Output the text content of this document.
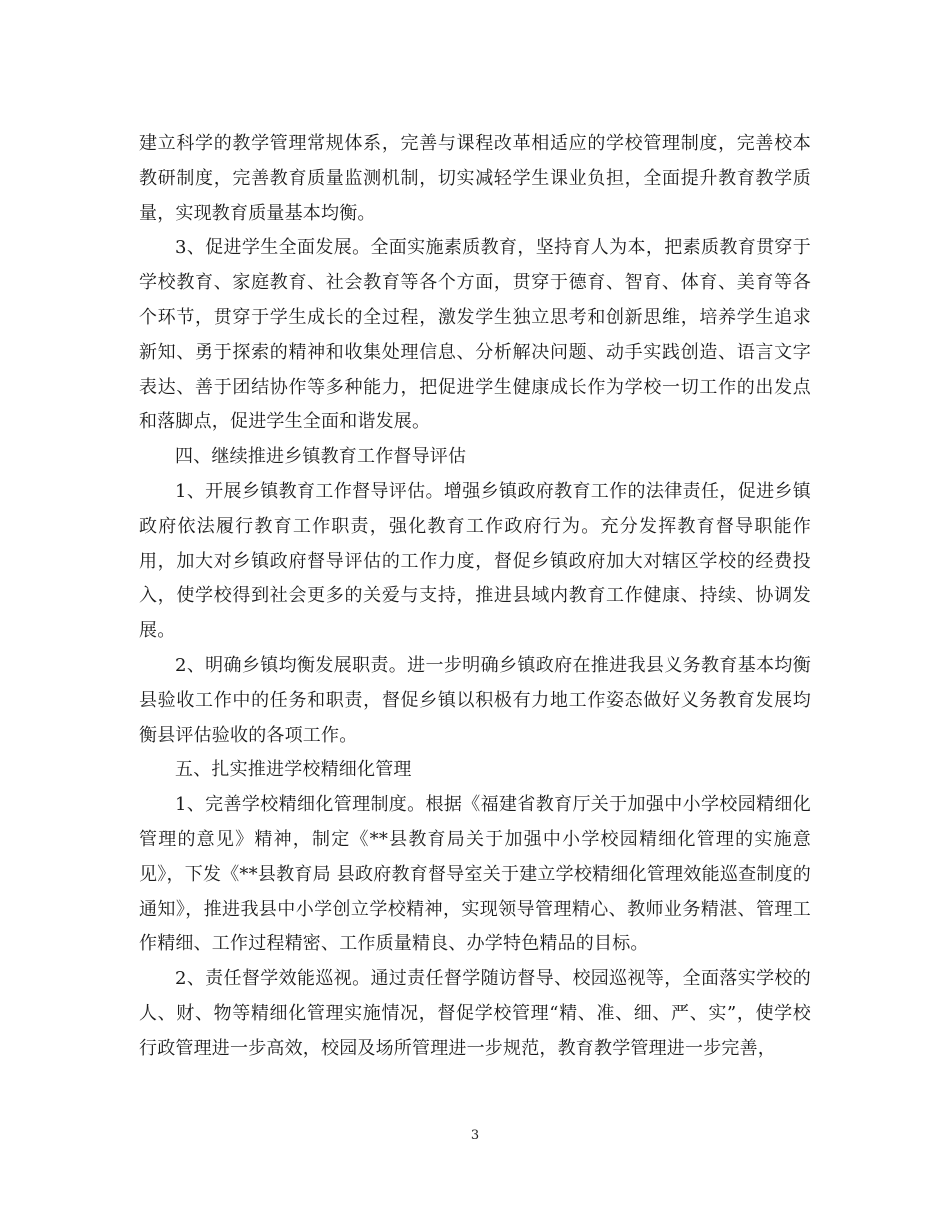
建立科学的教学管理常规体系，完善与课程改革相适应的学校管理制度，完善校本教研制度，完善教育质量监测机制，切实减轻学生课业负担，全面提升教育教学质量，实现教育质量基本均衡。

3、促进学生全面发展。全面实施素质教育，坚持育人为本，把素质教育贯穿于学校教育、家庭教育、社会教育等各个方面，贯穿于德育、智育、体育、美育等各个环节，贯穿于学生成长的全过程，激发学生独立思考和创新思维，培养学生追求新知、勇于探索的精神和收集处理信息、分析解决问题、动手实践创造、语言文字表达、善于团结协作等多种能力，把促进学生健康成长作为学校一切工作的出发点和落脚点，促进学生全面和谐发展。

四、继续推进乡镇教育工作督导评估

1、开展乡镇教育工作督导评估。增强乡镇政府教育工作的法律责任，促进乡镇政府依法履行教育工作职责，强化教育工作政府行为。充分发挥教育督导职能作用，加大对乡镇政府督导评估的工作力度，督促乡镇政府加大对辖区学校的经费投入，使学校得到社会更多的关爱与支持，推进县域内教育工作健康、持续、协调发展。

2、明确乡镇均衡发展职责。进一步明确乡镇政府在推进我县义务教育基本均衡县验收工作中的任务和职责，督促乡镇以积极有力地工作姿态做好义务教育发展均衡县评估验收的各项工作。

五、扎实推进学校精细化管理

1、完善学校精细化管理制度。根据《福建省教育厅关于加强中小学校园精细化管理的意见》精神，制定《**县教育局关于加强中小学校园精细化管理的实施意见》，下发《**县教育局 县政府教育督导室关于建立学校精细化管理效能巡查制度的通知》，推进我县中小学创立学校精神，实现领导管理精心、教师业务精湛、管理工作精细、工作过程精密、工作质量精良、办学特色精品的目标。

2、责任督学效能巡视。通过责任督学随访督导、校园巡视等，全面落实学校的人、财、物等精细化管理实施情况，督促学校管理“精、准、细、严、实”，使学校行政管理进一步高效，校园及场所管理进一步规范，教育教学管理进一步完善，

3
